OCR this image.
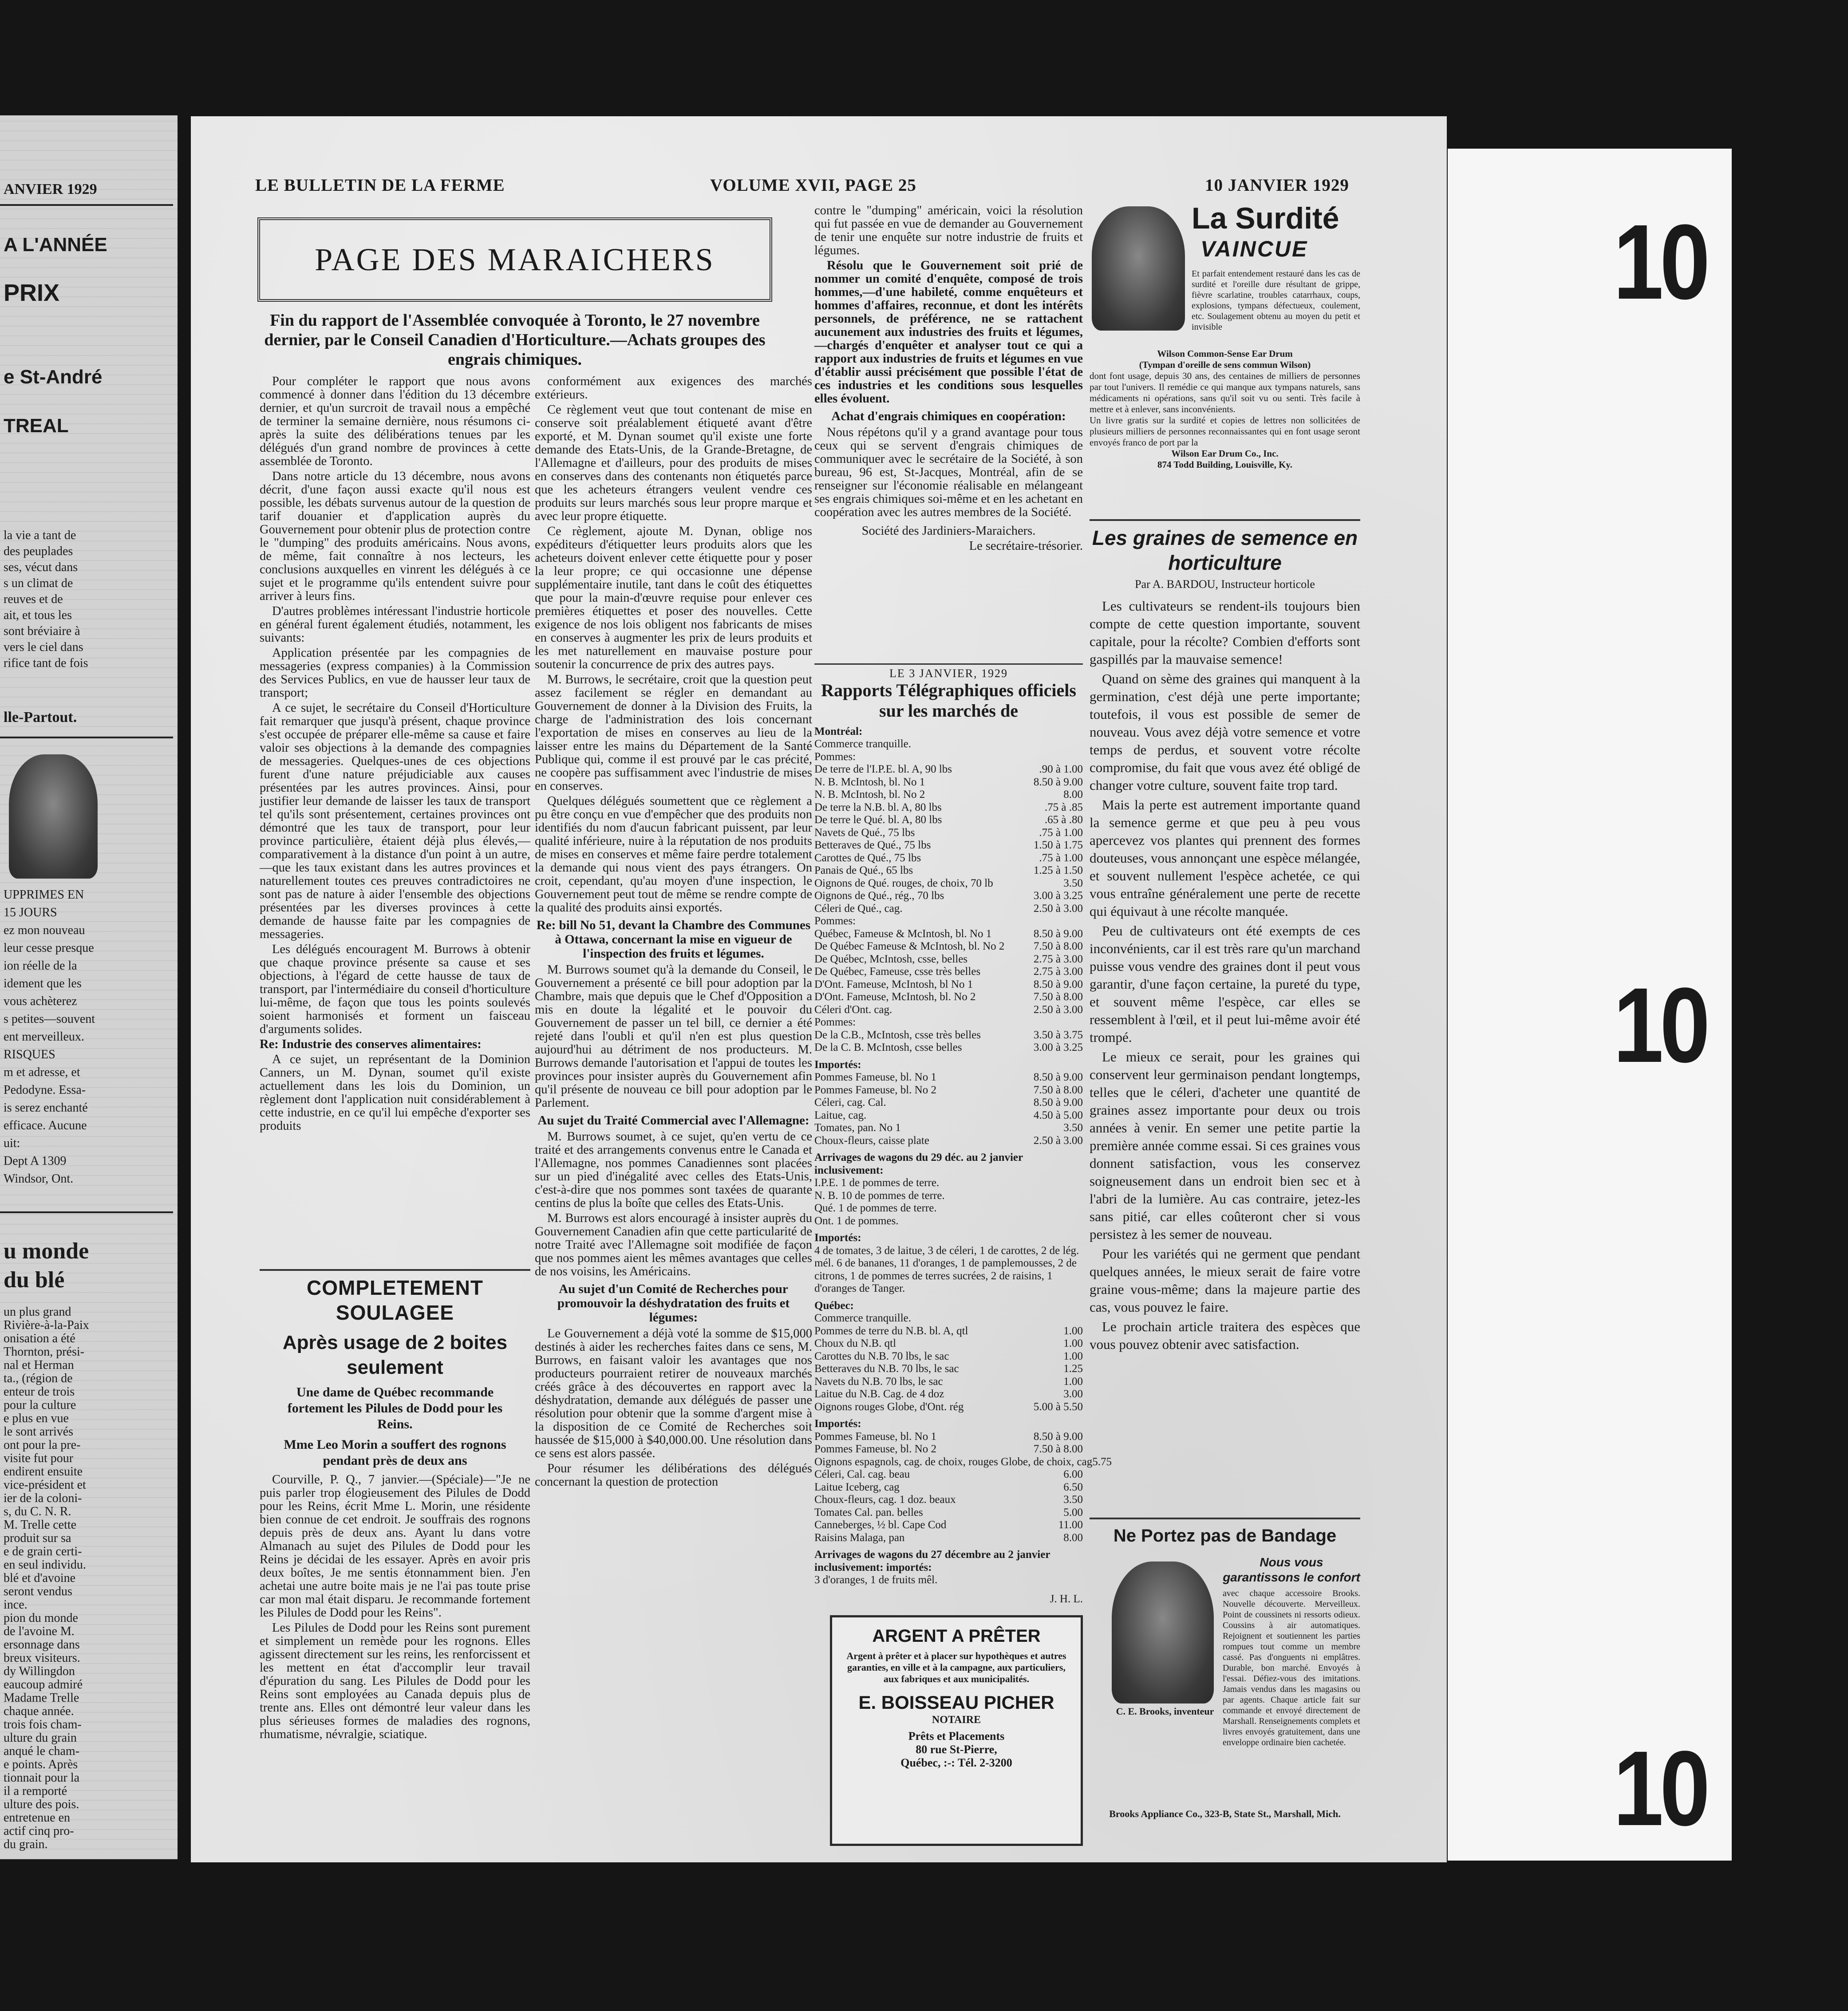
ANVIER 1929
A L'ANNÉE
PRIX
e St-André
TREAL
la vie a tant de
des peuplades
ses, vécut dans
s un climat de
reuves et de
ait, et tous les
sont bréviaire à
vers le ciel dans
rifice tant de fois
lle-Partout.
UPPRIMES EN
15 JOURS
ez mon nouveau
leur cesse presque
ion réelle de la
idement que les
vous achèterez
s petites—souvent
ent merveilleux.
RISQUES
m et adresse, et
Pedodyne. Essa-
is serez enchanté
efficace. Aucune
uit:
Dept A 1309
Windsor, Ont.
u monde
du blé
un plus grand
Rivière-à-la-Paix
onisation a été
Thornton, prési-
nal et Herman
ta., (région de
enteur de trois
pour la culture
e plus en vue
le sont arrivés
ont pour la pre-
visite fut pour
endirent ensuite
vice-président et
ier de la coloni-
s, du C. N. R.
M. Trelle cette
produit sur sa
e de grain certi-
en seul individu.
blé et d'avoine
seront vendus
ince.
pion du monde
de l'avoine M.
ersonnage dans
breux visiteurs.
dy Willingdon
eaucoup admiré
Madame Trelle
chaque année.
trois fois cham-
ulture du grain
anqué le cham-
e points. Après
tionnait pour la
il a remporté
ulture des pois.
entretenue en
actif cinq pro-
du grain.
10
10
10
LE BULLETIN DE LA FERME	VOLUME XVII, PAGE 25	10 JANVIER 1929
PAGE DES MARAICHERS
Fin du rapport de l'Assemblée convoquée à Toronto, le 27 novembre dernier, par le Conseil Canadien d'Horticulture.—Achats groupes des engrais chimiques.

Pour compléter le rapport que nous avons commencé à donner dans l'édition du 13 décembre dernier, et qu'un surcroit de travail nous a empêché de terminer la semaine dernière, nous résumons ci-après la suite des délibérations tenues par les délégués d'un grand nombre de provinces à cette assemblée de Toronto.

Dans notre article du 13 décembre, nous avons décrit, d'une façon aussi exacte qu'il nous est possible, les débats survenus autour de la question de tarif douanier et d'application auprès du Gouvernement pour obtenir plus de protection contre le "dumping" des produits américains. Nous avons, de même, fait connaître à nos lecteurs, les conclusions auxquelles en vinrent les délégués à ce sujet et le programme qu'ils entendent suivre pour arriver à leurs fins.

D'autres problèmes intéressant l'industrie horticole en général furent également étudiés, notamment, les suivants:

Application présentée par les compagnies de messageries (express companies) à la Commission des Services Publics, en vue de hausser leur taux de transport;

A ce sujet, le secrétaire du Conseil d'Horticulture fait remarquer que jusqu'à présent, chaque province s'est occupée de préparer elle-même sa cause et faire valoir ses objections à la demande des compagnies de messageries. Quelques-unes de ces objections furent d'une nature préjudiciable aux causes présentées par les autres provinces. Ainsi, pour justifier leur demande de laisser les taux de transport tel qu'ils sont présentement, certaines provinces ont démontré que les taux de transport, pour leur province particulière, étaient déjà plus élevés,—comparativement à la distance d'un point à un autre,—que les taux existant dans les autres provinces et naturellement toutes ces preuves contradictoires ne sont pas de nature à aider l'ensemble des objections présentées par les diverses provinces à cette demande de hausse faite par les compagnies de messageries.

Les délégués encouragent M. Burrows à obtenir que chaque province présente sa cause et ses objections, à l'égard de cette hausse de taux de transport, par l'intermédiaire du conseil d'horticulture lui-même, de façon que tous les points soulevés soient harmonisés et forment un faisceau d'arguments solides.

Re: Industrie des conserves alimentaires:

A ce sujet, un représentant de la Dominion Canners, un M. Dynan, soumet qu'il existe actuellement dans les lois du Dominion, un règlement dont l'application nuit considérablement à cette industrie, en ce qu'il lui empêche d'exporter ses produits

COMPLETEMENT SOULAGEE
Après usage de 2 boites seulement
Une dame de Québec recommande fortement les Pilules de Dodd pour les Reins.
Mme Leo Morin a souffert des rognons pendant près de deux ans

Courville, P. Q., 7 janvier.—(Spéciale)—"Je ne puis parler trop élogieusement des Pilules de Dodd pour les Reins, écrit Mme L. Morin, une résidente bien connue de cet endroit. Je souffrais des rognons depuis près de deux ans. Ayant lu dans votre Almanach au sujet des Pilules de Dodd pour les Reins je décidai de les essayer. Après en avoir pris deux boîtes, Je me sentis étonnamment bien. J'en achetai une autre boite mais je ne l'ai pas toute prise car mon mal était disparu. Je recommande fortement les Pilules de Dodd pour les Reins".

Les Pilules de Dodd pour les Reins sont purement et simplement un remède pour les rognons. Elles agissent directement sur les reins, les renforcissent et les mettent en état d'accomplir leur travail d'épuration du sang. Les Pilules de Dodd pour les Reins sont employées au Canada depuis plus de trente ans. Elles ont démontré leur valeur dans les plus sérieuses formes de maladies des rognons, rhumatisme, névralgie, sciatique.

conformément aux exigences des marchés extérieurs.

Ce règlement veut que tout contenant de mise en conserve soit préalablement étiqueté avant d'être exporté, et M. Dynan soumet qu'il existe une forte demande des Etats-Unis, de la Grande-Bretagne, de l'Allemagne et d'ailleurs, pour des produits de mises en conserves dans des contenants non étiquetés parce que les acheteurs étrangers veulent vendre ces produits sur leurs marchés sous leur propre marque et avec leur propre étiquette.

Ce règlement, ajoute M. Dynan, oblige nos expéditeurs d'étiquetter leurs produits alors que les acheteurs doivent enlever cette étiquette pour y poser la leur propre; ce qui occasionne une dépense supplémentaire inutile, tant dans le coût des étiquettes que pour la main-d'œuvre requise pour enlever ces premières étiquettes et poser des nouvelles. Cette exigence de nos lois obligent nos fabricants de mises en conserves à augmenter les prix de leurs produits et les met naturellement en mauvaise posture pour soutenir la concurrence de prix des autres pays.

M. Burrows, le secrétaire, croit que la question peut assez facilement se régler en demandant au Gouvernement de donner à la Division des Fruits, la charge de l'administration des lois concernant l'exportation de mises en conserves au lieu de la laisser entre les mains du Département de la Santé Publique qui, comme il est prouvé par le cas précité, ne coopère pas suffisamment avec l'industrie de mises en conserves.

Quelques délégués soumettent que ce règlement a pu être conçu en vue d'empêcher que des produits non identifiés du nom d'aucun fabricant puissent, par leur qualité inférieure, nuire à la réputation de nos produits de mises en conserves et même faire perdre totalement la demande qui nous vient des pays étrangers. On croit, cependant, qu'au moyen d'une inspection, le Gouvernement peut tout de même se rendre compte de la qualité des produits ainsi exportés.

Re: bill No 51, devant la Chambre des Communes à Ottawa, concernant la mise en vigueur de l'inspection des fruits et légumes.

M. Burrows soumet qu'à la demande du Conseil, le Gouvernement a présenté ce bill pour adoption par la Chambre, mais que depuis que le Chef d'Opposition a mis en doute la légalité et le pouvoir du Gouvernement de passer un tel bill, ce dernier a été rejeté dans l'oubli et qu'il n'en est plus question aujourd'hui au détriment de nos producteurs. M. Burrows demande l'autorisation et l'appui de toutes les provinces pour insister auprès du Gouvernement afin qu'il présente de nouveau ce bill pour adoption par le Parlement.

Au sujet du Traité Commercial avec l'Allemagne:

M. Burrows soumet, à ce sujet, qu'en vertu de ce traité et des arrangements convenus entre le Canada et l'Allemagne, nos pommes Canadiennes sont placées sur un pied d'inégalité avec celles des Etats-Unis, c'est-à-dire que nos pommes sont taxées de quarante centins de plus la boîte que celles des Etats-Unis.

M. Burrows est alors encouragé à insister auprès du Gouvernement Canadien afin que cette particularité de notre Traité avec l'Allemagne soit modifiée de façon que nos pommes aient les mêmes avantages que celles de nos voisins, les Américains.

Au sujet d'un Comité de Recherches pour promouvoir la déshydratation des fruits et légumes:

Le Gouvernement a déjà voté la somme de $15,000 destinés à aider les recherches faites dans ce sens, M. Burrows, en faisant valoir les avantages que nos producteurs pourraient retirer de nouveaux marchés créés grâce à des découvertes en rapport avec la déshydratation, demande aux délégués de passer une résolution pour obtenir que la somme d'argent mise à la disposition de ce Comité de Recherches soit haussée de $15,000 à $40,000.00. Une résolution dans ce sens est alors passée.

Pour résumer les délibérations des délégués concernant la question de protection

contre le "dumping" américain, voici la résolution qui fut passée en vue de demander au Gouvernement de tenir une enquête sur notre industrie de fruits et légumes.

Résolu que le Gouvernement soit prié de nommer un comité d'enquête, composé de trois hommes,—d'une habileté, comme enquêteurs et hommes d'affaires, reconnue, et dont les intérêts personnels, de préférence, ne se rattachent aucunement aux industries des fruits et légumes,—chargés d'enquêter et analyser tout ce qui a rapport aux industries de fruits et légumes en vue d'établir aussi précisément que possible l'état de ces industries et les conditions sous lesquelles elles évoluent.

Achat d'engrais chimiques en coopération:

Nous répétons qu'il y a grand avantage pour tous ceux qui se servent d'engrais chimiques de communiquer avec le secrétaire de la Société, à son bureau, 96 est, St-Jacques, Montréal, afin de se renseigner sur l'économie réalisable en mélangeant ses engrais chimiques soi-même et en les achetant en coopération avec les autres membres de la Société.

Société des Jardiniers-Maraichers.

Le secrétaire-trésorier.

LE 3 JANVIER, 1929
Rapports Télégraphiques officiels sur les marchés de
Montréal:
Commerce tranquille.
Pommes:
De terre de l'I.P.E. bl. A, 90 lbs	.90 à 1.00
N. B. McIntosh, bl. No 1	8.50 à 9.00
N. B. McIntosh, bl. No 2	8.00
De terre la N.B. bl. A, 80 lbs	.75 à .85
De terre le Qué. bl. A, 80 lbs	.65 à .80
Navets de Qué., 75 lbs	.75 à 1.00
Betteraves de Qué., 75 lbs	1.50 à 1.75
Carottes de Qué., 75 lbs	.75 à 1.00
Panais de Qué., 65 lbs	1.25 à 1.50
Oignons de Qué. rouges, de choix, 70 lb	3.50
Oignons de Qué., rég., 70 lbs	3.00 à 3.25
Céleri de Qué., cag.	2.50 à 3.00
Pommes:
Québec, Fameuse & McIntosh, bl. No 1	8.50 à 9.00
De Québec Fameuse & McIntosh, bl. No 2	7.50 à 8.00
De Québec, McIntosh, csse, belles	2.75 à 3.00
De Québec, Fameuse, csse très belles	2.75 à 3.00
D'Ont. Fameuse, McIntosh, bl No 1	8.50 à 9.00
D'Ont. Fameuse, McIntosh, bl. No 2	7.50 à 8.00
Céleri d'Ont. cag.	2.50 à 3.00
Pommes:
De la C.B., McIntosh, csse très belles	3.50 à 3.75
De la C. B. McIntosh, csse belles	3.00 à 3.25
Importés:
Pommes Fameuse, bl. No 1	8.50 à 9.00
Pommes Fameuse, bl. No 2	7.50 à 8.00
Céleri, cag. Cal.	8.50 à 9.00
Laitue, cag.	4.50 à 5.00
Tomates, pan. No 1	3.50
Choux-fleurs, caisse plate	2.50 à 3.00
Arrivages de wagons du 29 déc. au 2 janvier inclusivement:
I.P.E. 1 de pommes de terre.
N. B. 10 de pommes de terre.
Qué. 1 de pommes de terre.
Ont. 1 de pommes.
Importés:
4 de tomates, 3 de laitue, 3 de céleri, 1 de carottes, 2 de lég. mél. 6 de bananes, 11 d'oranges, 1 de pamplemousses, 2 de citrons, 1 de pommes de terres sucrées, 2 de raisins, 1 d'oranges de Tanger.
Québec:
Commerce tranquille.
Pommes de terre du N.B. bl. A, qtl	1.00
Choux du N.B. qtl	1.00
Carottes du N.B. 70 lbs, le sac	1.00
Betteraves du N.B. 70 lbs, le sac	1.25
Navets du N.B. 70 lbs, le sac	1.00
Laitue du N.B. Cag. de 4 doz	3.00
Oignons rouges Globe, d'Ont. rég	5.00 à 5.50
Importés:
Pommes Fameuse, bl. No 1	8.50 à 9.00
Pommes Fameuse, bl. No 2	7.50 à 8.00
Oignons espagnols, cag. de choix, rouges Globe, de choix, cag 5.75
Céleri, Cal. cag. beau	6.00
Laitue Iceberg, cag	6.50
Choux-fleurs, cag. 1 doz. beaux	3.50
Tomates Cal. pan. belles	5.00
Canneberges, ½ bl. Cape Cod	11.00
Raisins Malaga, pan	8.00
Arrivages de wagons du 27 décembre au 2 janvier inclusivement: importés:
3 d'oranges, 1 de fruits mêl.
J. H. L.
ARGENT A PRÊTER
Argent à prêter et à placer sur hypothèques et autres garanties, en ville et à la campagne, aux particuliers, aux fabriques et aux municipalités.
E. BOISSEAU PICHER
NOTAIRE
Prêts et Placements
80 rue St-Pierre,
Québec, :-: Tél. 2-3200
La Surdité
VAINCUE
Et parfait entendement restauré dans les cas de surdité et l'oreille dure résultant de grippe, fièvre scarlatine, troubles catarrhaux, coups, explosions, tympans défectueux, coulement, etc. Soulagement obtenu au moyen du petit et invisible
Wilson Common-Sense Ear Drum
(Tympan d'oreille de sens commun Wilson)
dont font usage, depuis 30 ans, des centaines de milliers de personnes par tout l'univers. Il remédie ce qui manque aux tympans naturels, sans médicaments ni opérations, sans qu'il soit vu ou senti. Très facile à mettre et à enlever, sans inconvénients.
Un livre gratis sur la surdité et copies de lettres non sollicitées de plusieurs milliers de personnes reconnaissantes qui en font usage seront envoyés franco de port par la
Wilson Ear Drum Co., Inc.
874 Todd Building, Louisville, Ky.
Les graines de semence en horticulture
Par A. BARDOU, Instructeur horticole

Les cultivateurs se rendent-ils toujours bien compte de cette question importante, souvent capitale, pour la récolte? Combien d'efforts sont gaspillés par la mauvaise semence!

Quand on sème des graines qui manquent à la germination, c'est déjà une perte importante; toutefois, il vous est possible de semer de nouveau. Vous avez déjà votre semence et votre temps de perdus, et souvent votre récolte compromise, du fait que vous avez été obligé de changer votre culture, souvent faite trop tard.

Mais la perte est autrement importante quand la semence germe et que peu à peu vous apercevez vos plantes qui prennent des formes douteuses, vous annonçant une espèce mélangée, et souvent nullement l'espèce achetée, ce qui vous entraîne généralement une perte de recette qui équivaut à une récolte manquée.

Peu de cultivateurs ont été exempts de ces inconvénients, car il est très rare qu'un marchand puisse vous vendre des graines dont il peut vous garantir, d'une façon certaine, la pureté du type, et souvent même l'espèce, car elles se ressemblent à l'œil, et il peut lui-même avoir été trompé.

Le mieux ce serait, pour les graines qui conservent leur germinaison pendant longtemps, telles que le céleri, d'acheter une quantité de graines assez importante pour deux ou trois années à venir. En semer une petite partie la première année comme essai. Si ces graines vous donnent satisfaction, vous les conservez soigneusement dans un endroit bien sec et à l'abri de la lumière. Au cas contraire, jetez-les sans pitié, car elles coûteront cher si vous persistez à les semer de nouveau.

Pour les variétés qui ne germent que pendant quelques années, le mieux serait de faire votre graine vous-même; dans la majeure partie des cas, vous pouvez le faire.

Le prochain article traitera des espèces que vous pouvez obtenir avec satisfaction.

Ne Portez pas de Bandage
C. E. Brooks, inventeur
Nous vous garantissons le confort
avec chaque accessoire Brooks. Nouvelle découverte. Merveilleux. Point de coussinets ni ressorts odieux. Coussins à air automatiques. Rejoignent et soutiennent les parties rompues tout comme un membre cassé. Pas d'onguents ni emplâtres. Durable, bon marché. Envoyés à l'essai. Défiez-vous des imitations. Jamais vendus dans les magasins ou par agents. Chaque article fait sur commande et envoyé directement de Marshall. Renseignements complets et livres envoyés gratuitement, dans une enveloppe ordinaire bien cachetée.
Brooks Appliance Co., 323-B, State St., Marshall, Mich.
